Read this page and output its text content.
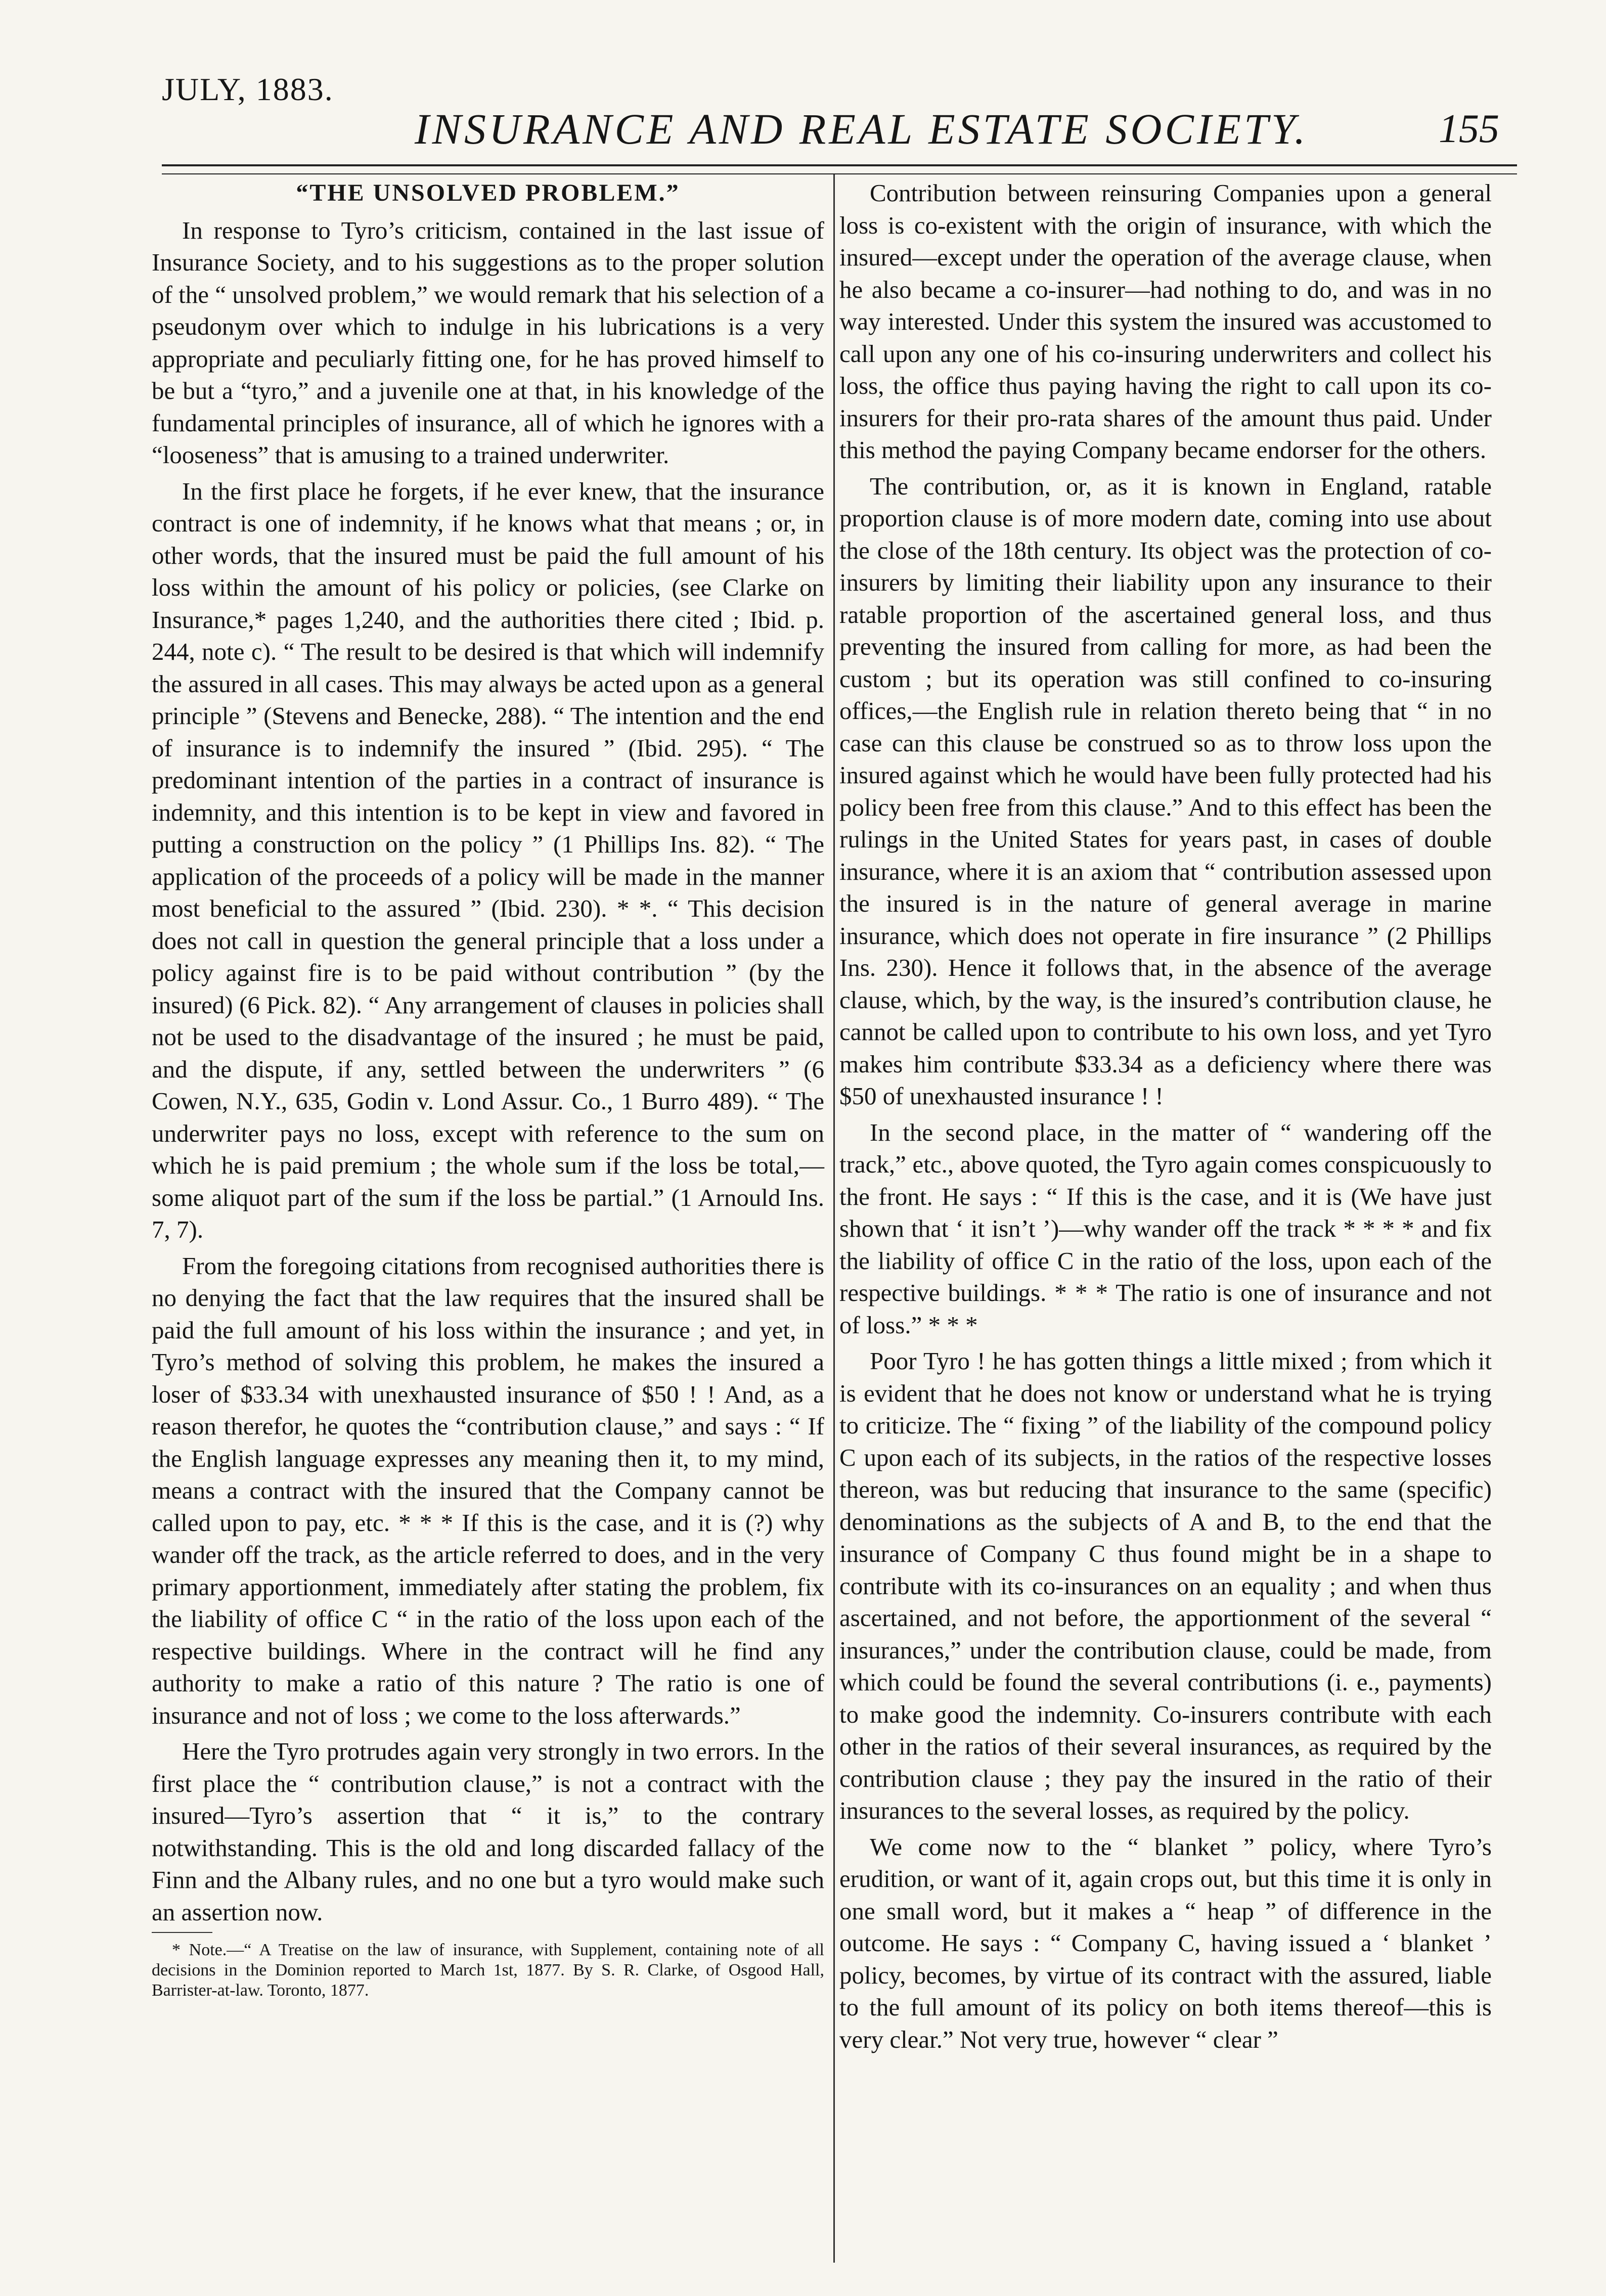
JULY, 1883.
INSURANCE AND REAL ESTATE SOCIETY.	155
“THE UNSOLVED PROBLEM.”

In response to Tyro’s criticism, contained in the last issue of Insurance Society, and to his suggestions as to the proper solution of the “ unsolved problem,” we would remark that his selection of a pseudonym over which to indulge in his lubrications is a very appropriate and peculiarly fitting one, for he has proved himself to be but a “tyro,” and a juvenile one at that, in his knowledge of the fundamental principles of insurance, all of which he ignores with a “looseness” that is amusing to a trained underwriter.

In the first place he forgets, if he ever knew, that the insurance contract is one of indemnity, if he knows what that means ; or, in other words, that the insured must be paid the full amount of his loss within the amount of his policy or policies, (see Clarke on Insurance,* pages 1,240, and the authorities there cited ; Ibid. p. 244, note c). “ The result to be desired is that which will indemnify the assured in all cases. This may always be acted upon as a general principle ” (Stevens and Benecke, 288). “ The intention and the end of insurance is to indemnify the insured ” (Ibid. 295). “ The predominant intention of the parties in a contract of insurance is indemnity, and this intention is to be kept in view and favored in putting a construction on the policy ” (1 Phillips Ins. 82). “ The application of the proceeds of a policy will be made in the manner most beneficial to the assured ” (Ibid. 230). * *. “ This decision does not call in question the general principle that a loss under a policy against fire is to be paid without contribution ” (by the insured) (6 Pick. 82). “ Any arrangement of clauses in policies shall not be used to the disadvantage of the insured ; he must be paid, and the dispute, if any, settled between the underwriters ” (6 Cowen, N.Y., 635, Godin v. Lond Assur. Co., 1 Burro 489). “ The underwriter pays no loss, except with reference to the sum on which he is paid premium ; the whole sum if the loss be total,—some aliquot part of the sum if the loss be partial.” (1 Arnould Ins. 7, 7).

From the foregoing citations from recognised authorities there is no denying the fact that the law requires that the insured shall be paid the full amount of his loss within the insurance ; and yet, in Tyro’s method of solving this problem, he makes the insured a loser of $33.34 with unexhausted insurance of $50 ! ! And, as a reason therefor, he quotes the “contribution clause,” and says : “ If the English language expresses any meaning then it, to my mind, means a contract with the insured that the Company cannot be called upon to pay, etc. * * * If this is the case, and it is (?) why wander off the track, as the article referred to does, and in the very primary apportionment, immediately after stating the problem, fix the liability of office C “ in the ratio of the loss upon each of the respective buildings. Where in the contract will he find any authority to make a ratio of this nature ? The ratio is one of insurance and not of loss ; we come to the loss afterwards.”

Here the Tyro protrudes again very strongly in two errors. In the first place the “ contribution clause,” is not a contract with the insured—Tyro’s assertion that “ it is,” to the contrary notwithstanding. This is the old and long discarded fallacy of the Finn and the Albany rules, and no one but a tyro would make such an assertion now.

* Note.—“ A Treatise on the law of insurance, with Supplement, containing note of all decisions in the Dominion reported to March 1st, 1877. By S. R. Clarke, of Osgood Hall, Barrister-at-law. Toronto, 1877.

Contribution between reinsuring Companies upon a general loss is co-existent with the origin of insurance, with which the insured—except under the operation of the average clause, when he also became a co-insurer—had nothing to do, and was in no way interested. Under this system the insured was accustomed to call upon any one of his co-insuring underwriters and collect his loss, the office thus paying having the right to call upon its co-insurers for their pro-rata shares of the amount thus paid. Under this method the paying Company became endorser for the others.

The contribution, or, as it is known in England, ratable proportion clause is of more modern date, coming into use about the close of the 18th century. Its object was the protection of co-insurers by limiting their liability upon any insurance to their ratable proportion of the ascertained general loss, and thus preventing the insured from calling for more, as had been the custom ; but its operation was still confined to co-insuring offices,—the English rule in relation thereto being that “ in no case can this clause be construed so as to throw loss upon the insured against which he would have been fully protected had his policy been free from this clause.” And to this effect has been the rulings in the United States for years past, in cases of double insurance, where it is an axiom that “ contribution assessed upon the insured is in the nature of general average in marine insurance, which does not operate in fire insurance ” (2 Phillips Ins. 230). Hence it follows that, in the absence of the average clause, which, by the way, is the insured’s contribution clause, he cannot be called upon to contribute to his own loss, and yet Tyro makes him contribute $33.34 as a deficiency where there was $50 of unexhausted insurance ! !

In the second place, in the matter of “ wandering off the track,” etc., above quoted, the Tyro again comes conspicuously to the front. He says : “ If this is the case, and it is (We have just shown that ‘ it isn’t ’)—why wander off the track * * * * and fix the liability of office C in the ratio of the loss, upon each of the respective buildings. * * * The ratio is one of insurance and not of loss.” * * *

Poor Tyro ! he has gotten things a little mixed ; from which it is evident that he does not know or understand what he is trying to criticize. The “ fixing ” of the liability of the compound policy C upon each of its subjects, in the ratios of the respective losses thereon, was but reducing that insurance to the same (specific) denominations as the subjects of A and B, to the end that the insurance of Company C thus found might be in a shape to contribute with its co-insurances on an equality ; and when thus ascertained, and not before, the apportionment of the several “ insurances,” under the contribution clause, could be made, from which could be found the several contributions (i. e., payments) to make good the indemnity. Co-insurers contribute with each other in the ratios of their several insurances, as required by the contribution clause ; they pay the insured in the ratio of their insurances to the several losses, as required by the policy.

We come now to the “ blanket ” policy, where Tyro’s erudition, or want of it, again crops out, but this time it is only in one small word, but it makes a “ heap ” of difference in the outcome. He says : “ Company C, having issued a ‘ blanket ’ policy, becomes, by virtue of its contract with the assured, liable to the full amount of its policy on both items thereof—this is very clear.” Not very true, however “ clear ”
